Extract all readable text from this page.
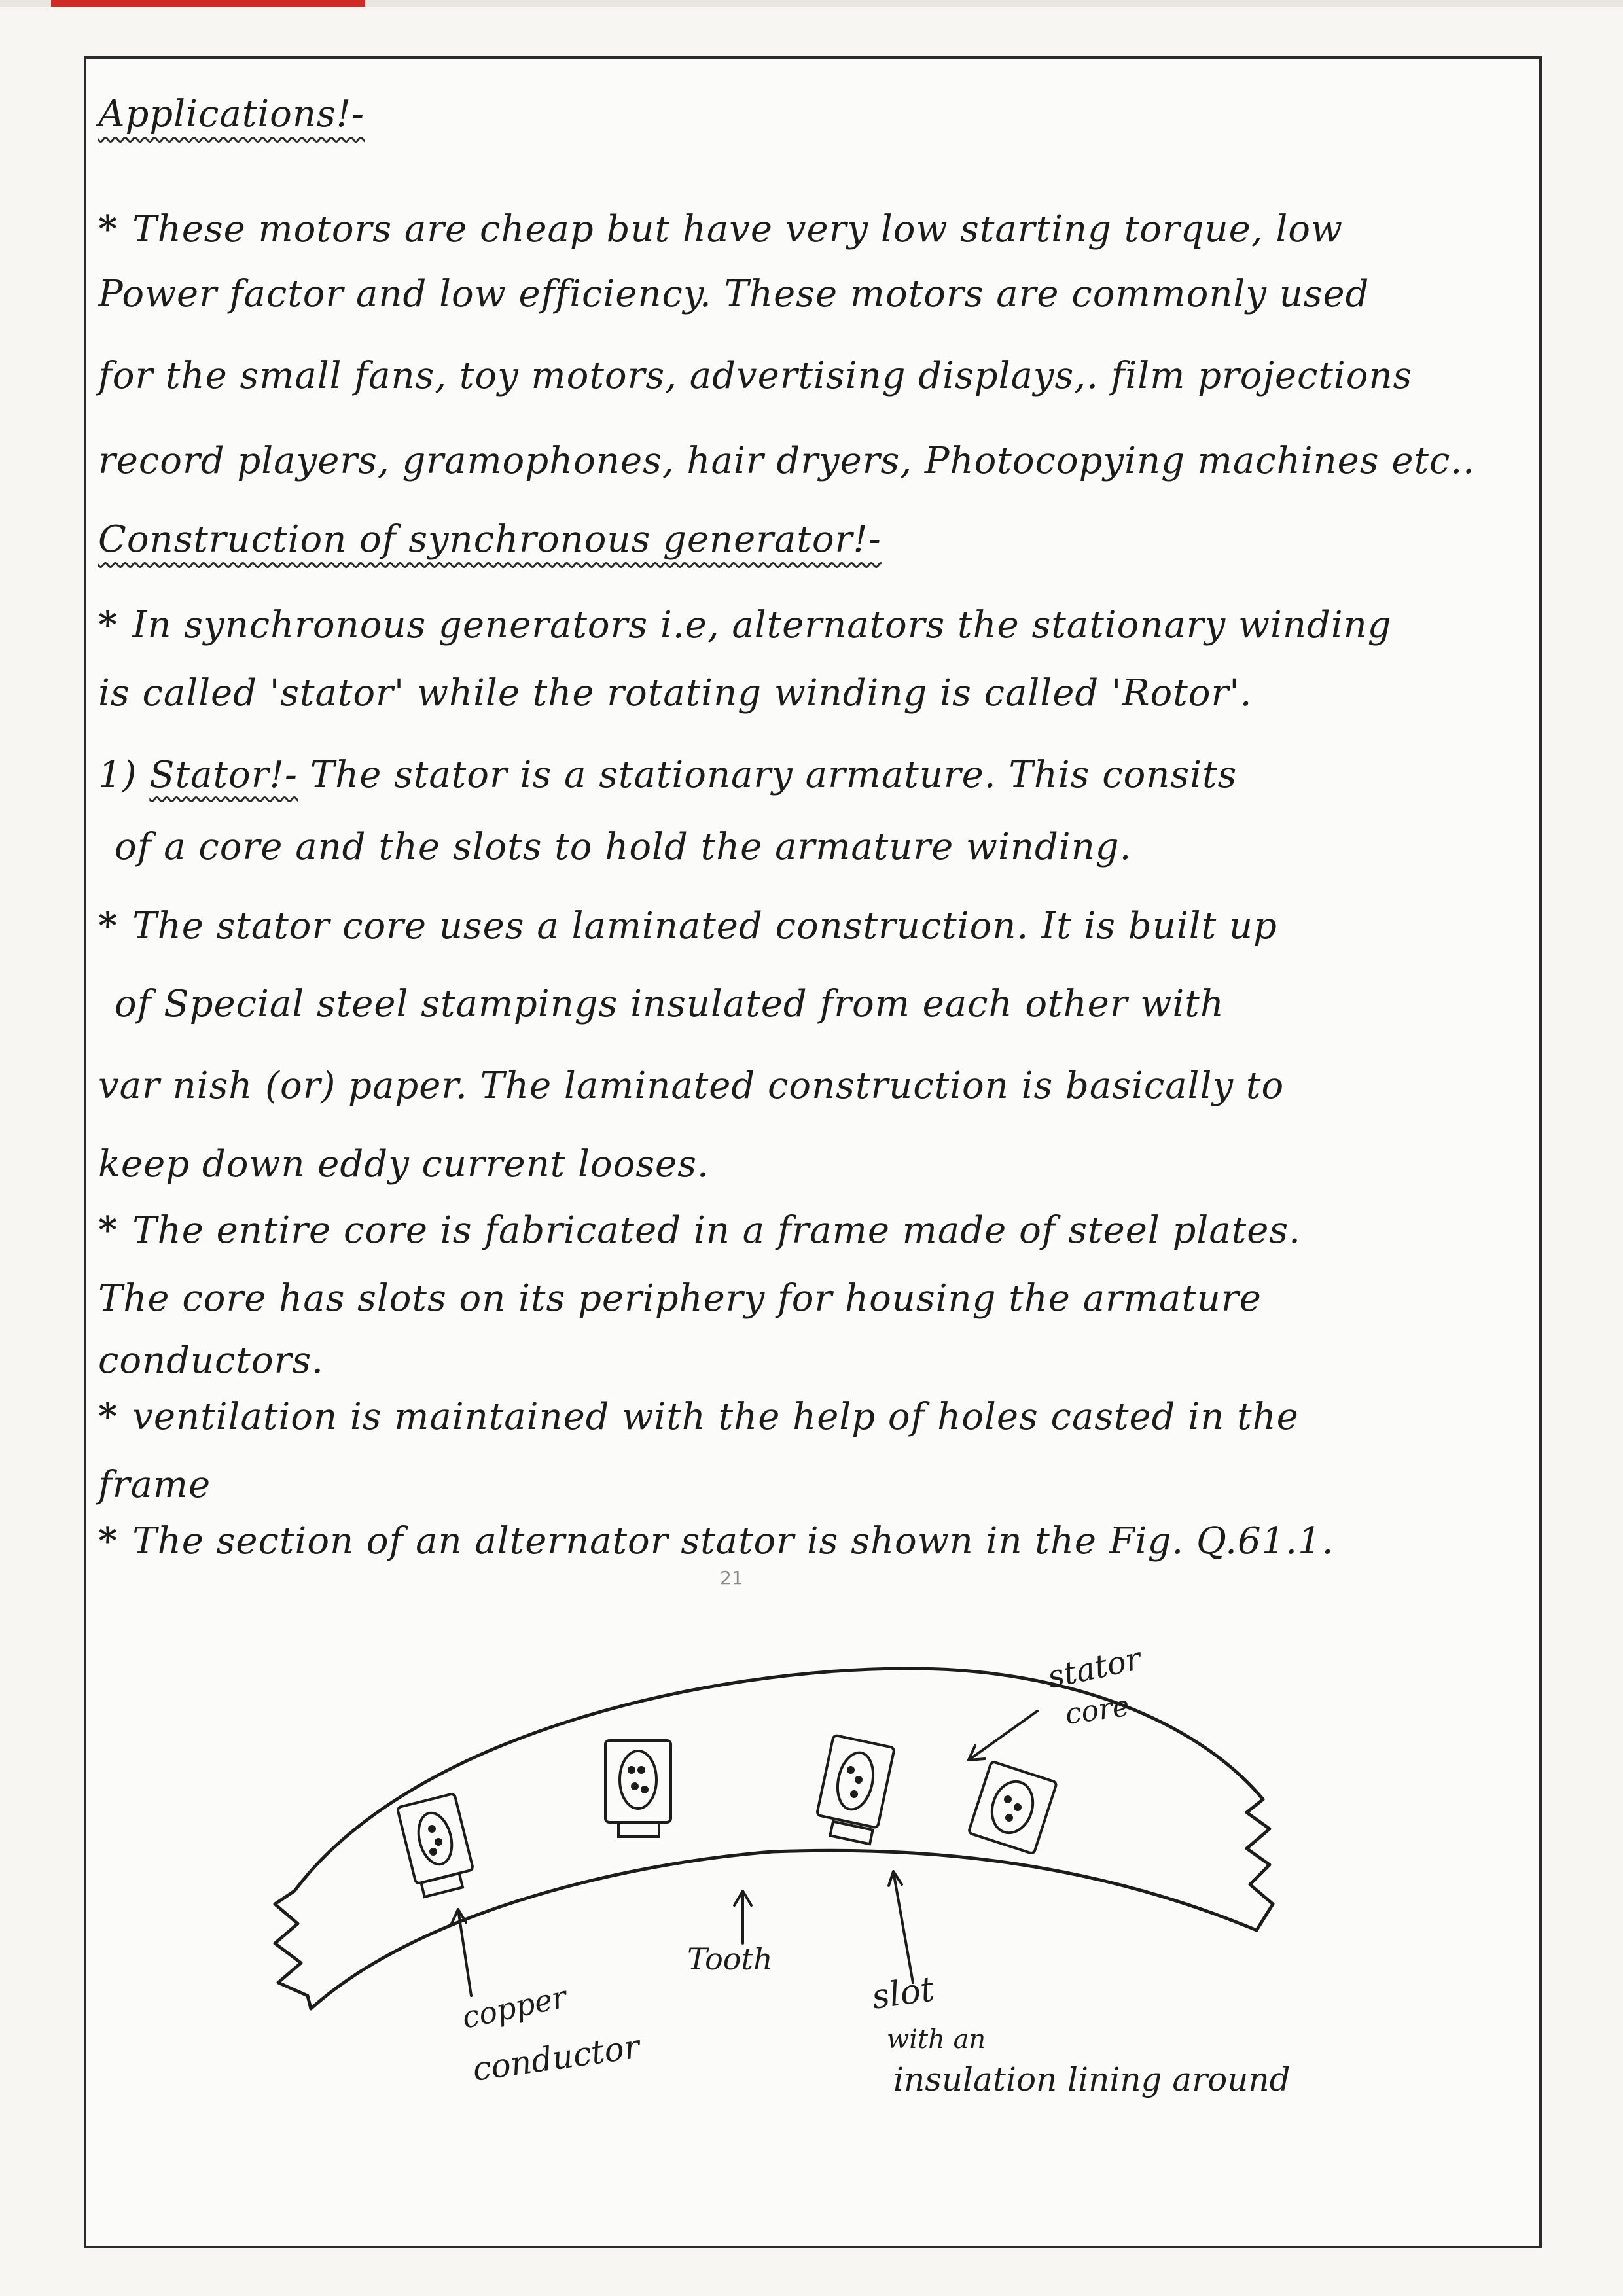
Applications!-
* These motors are cheap but have very low starting torque, low
Power factor and low efficiency. These motors are commonly used
for the small fans, toy motors, advertising displays,. film projections
record players, gramophones, hair dryers, Photocopying machines etc..
Construction of synchronous generator!-
* In synchronous generators i.e, alternators the stationary winding
is called 'stator' while the rotating winding is called 'Rotor'.
1) Stator!- The stator is a stationary armature. This consits
of a core and the slots to hold the armature winding.
* The stator core uses a laminated construction. It is built up
of Special steel stampings insulated from each other with
var nish (or) paper. The laminated construction is basically to
keep down eddy current looses.
* The entire core is fabricated in a frame made of steel plates.
The core has slots on its periphery for housing the armature
conductors.
* ventilation is maintained with the help of holes casted in the
frame
* The section of an alternator stator is shown in the Fig. Q.61.1.
21
stator
core
Tooth
copper
conductor
slot
with an
insulation lining around
